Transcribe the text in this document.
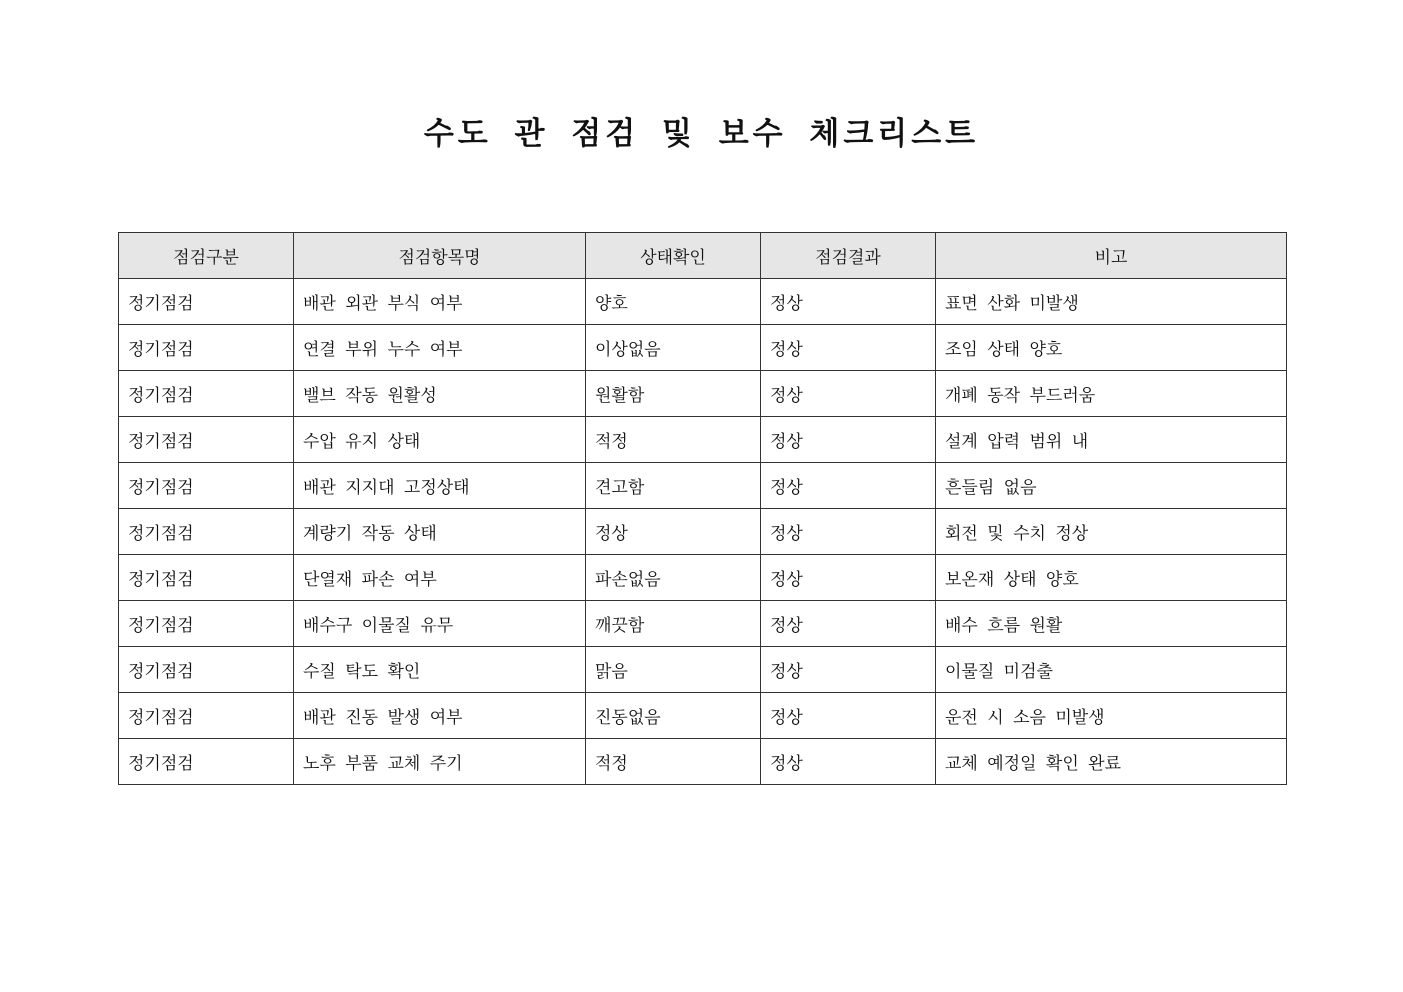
수도 관 점검 및 보수 체크리스트
점검구분	점검항목명	상태확인	점검결과	비고
정기점검	배관 외관 부식 여부	양호	정상	표면 산화 미발생
정기점검	연결 부위 누수 여부	이상없음	정상	조임 상태 양호
정기점검	밸브 작동 원활성	원활함	정상	개폐 동작 부드러움
정기점검	수압 유지 상태	적정	정상	설계 압력 범위 내
정기점검	배관 지지대 고정상태	견고함	정상	흔들림 없음
정기점검	계량기 작동 상태	정상	정상	회전 및 수치 정상
정기점검	단열재 파손 여부	파손없음	정상	보온재 상태 양호
정기점검	배수구 이물질 유무	깨끗함	정상	배수 흐름 원활
정기점검	수질 탁도 확인	맑음	정상	이물질 미검출
정기점검	배관 진동 발생 여부	진동없음	정상	운전 시 소음 미발생
정기점검	노후 부품 교체 주기	적정	정상	교체 예정일 확인 완료
